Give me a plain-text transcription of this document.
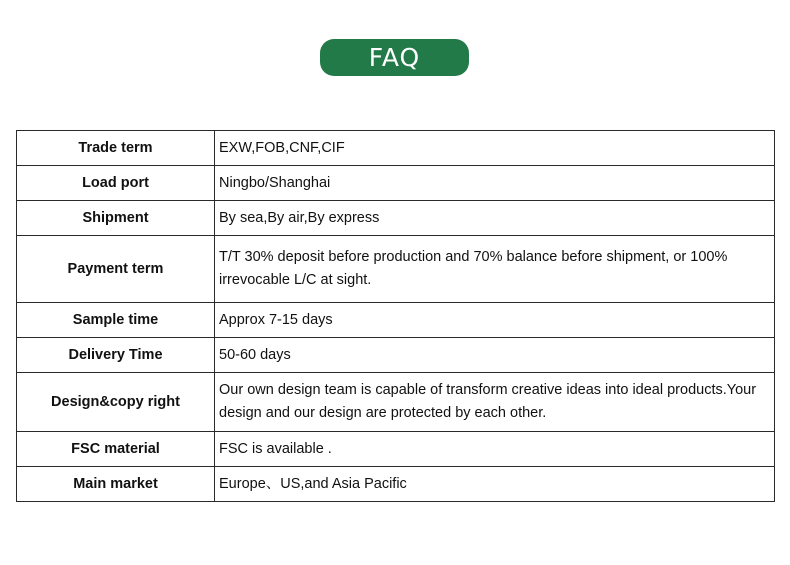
FAQ
Trade term	EXW,FOB,CNF,CIF
Load port	Ningbo/Shanghai
Shipment	By sea,By air,By express
Payment term	T/T 30% deposit before production and 70% balance before shipment, or 100% irrevocable L/C at sight.
Sample time	Approx 7-15 days
Delivery Time	50-60 days
Design&copy right	Our own design team is capable of transform creative ideas into ideal products.Your design and our design are protected by each other.
FSC material	FSC is available .
Main market	Europe、US,and Asia Pacific
